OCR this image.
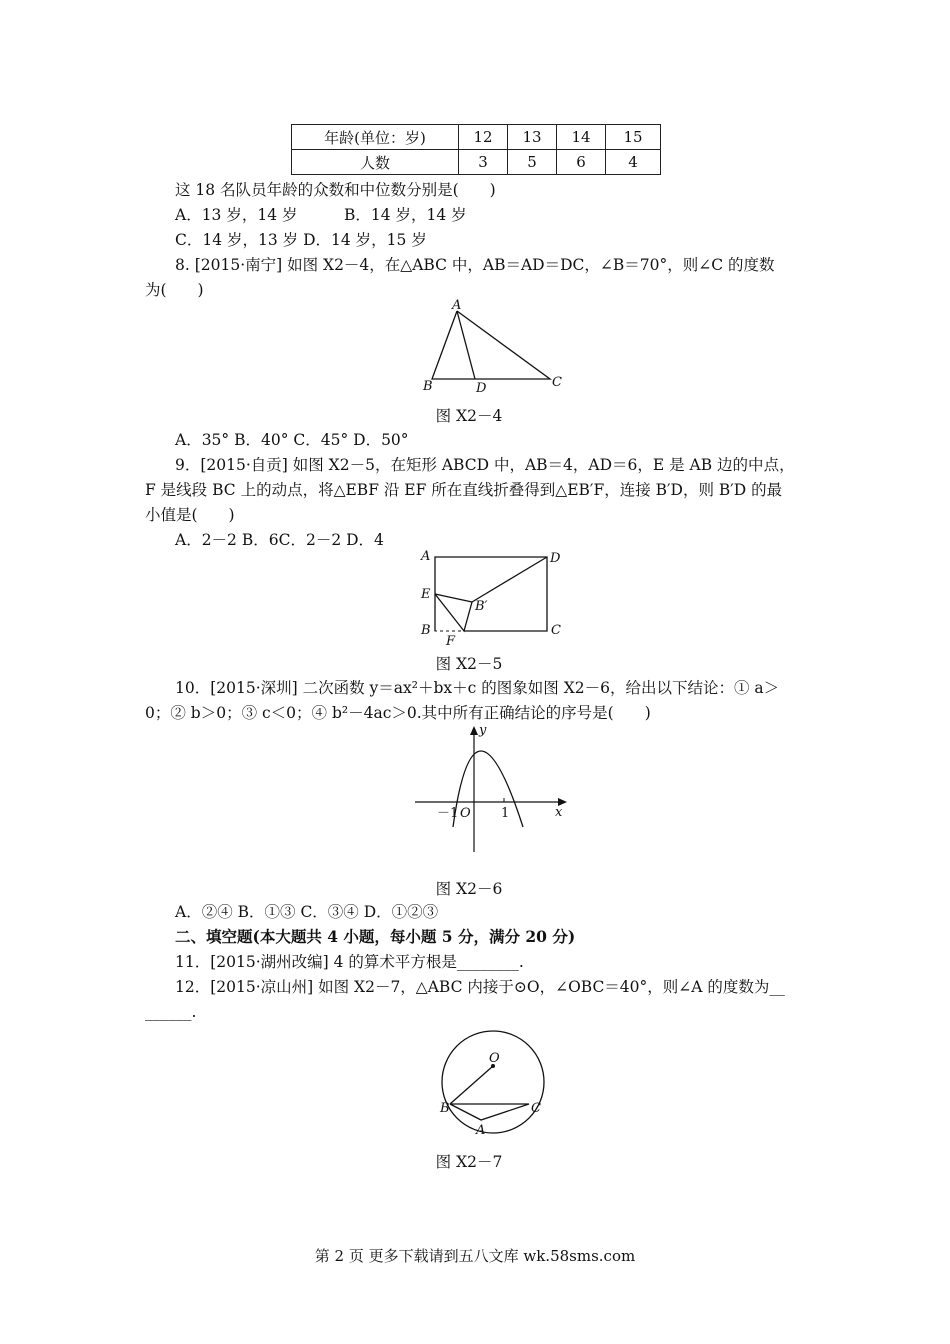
年龄(单位：岁)	12	13	14	15
人数	3	5	6	4
这 18 名队员年龄的众数和中位数分别是(　　)
A．13 岁，14 岁　　　B．14 岁，14 岁
C．14 岁，13 岁 D．14 岁，15 岁
8. [2015·南宁] 如图 X2－4，在△ABC 中，AB＝AD＝DC，∠B＝70°，则∠C 的度数
为(　　)
A
B	C
D
图 X2－4
A．35° B．40° C．45° D．50°
9．[2015·自贡] 如图 X2－5，在矩形 ABCD 中，AB＝4，AD＝6，E 是 AB 边的中点，
F 是线段 BC 上的动点，将△EBF 沿 EF 所在直线折叠得到△EB′F，连接 B′D，则 B′D 的最
小值是(　　)
A．2－2 B．6C．2－2 D．4
A	D
E
B′
B	C
F
图 X2－5
10．[2015·深圳] 二次函数 y＝ax²＋bx＋c 的图象如图 X2－6，给出以下结论：① a＞
0；② b＞0；③ c＜0；④ b²－4ac＞0.其中所有正确结论的序号是(　　)
y
x
－1 O 1
图 X2－6
A．②④ B．①③ C．③④ D．①②③
二、填空题(本大题共 4 小题，每小题 5 分，满分 20 分)
11．[2015·湖州改编] 4 的算术平方根是________.
12．[2015·凉山州] 如图 X2－7，△ABC 内接于⊙O，∠OBC＝40°，则∠A 的度数为__
______.
O
B	C
A
图 X2－7
第 2 页 更多下载请到五八文库 wk.58sms.com
